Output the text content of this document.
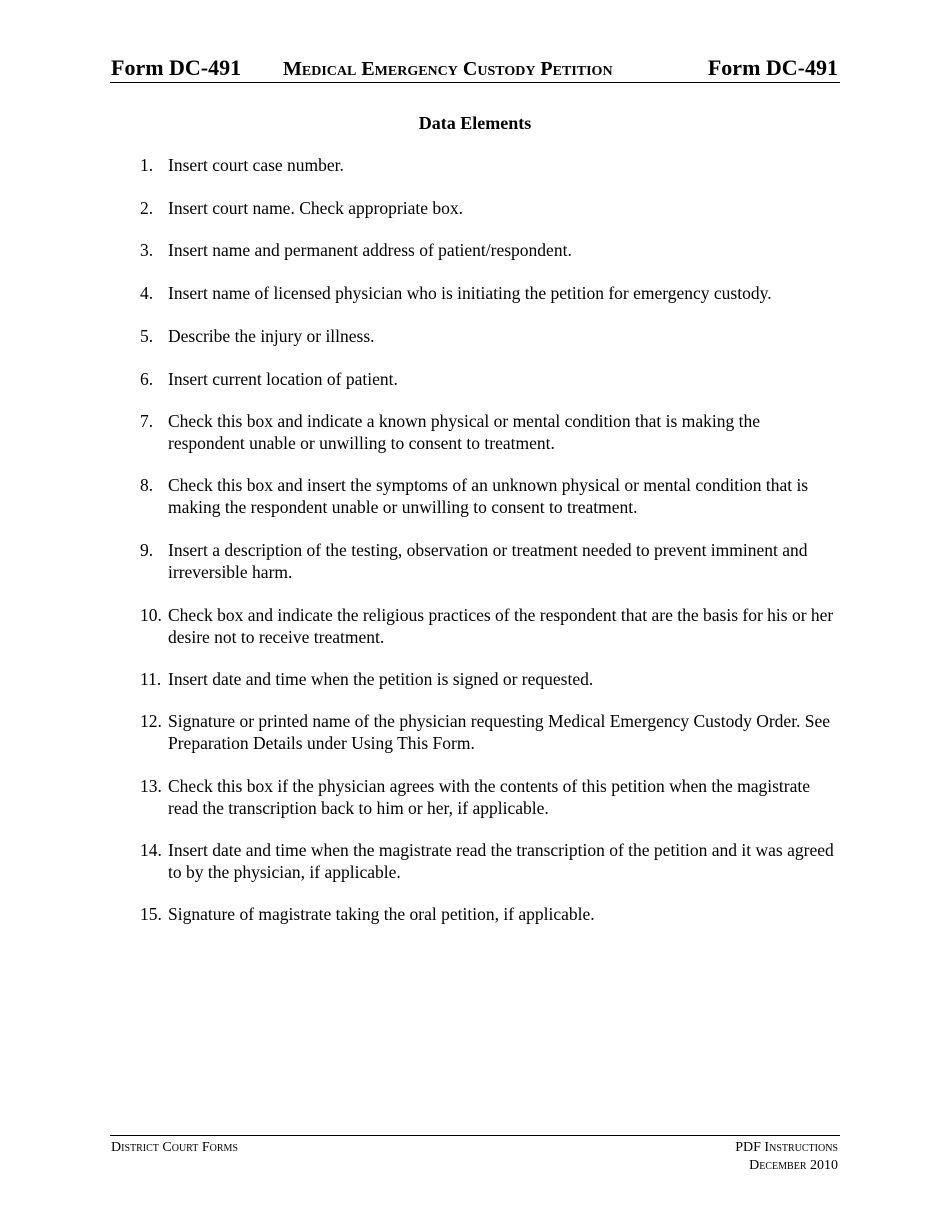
Form DC-491 Medical Emergency Custody Petition	Form DC-491
Data Elements
1. Insert court case number.
2. Insert court name. Check appropriate box.
3. Insert name and permanent address of patient/respondent.
4. Insert name of licensed physician who is initiating the petition for emergency custody.
5. Describe the injury or illness.
6. Insert current location of patient.
7. Check this box and indicate a known physical or mental condition that is making the respondent unable or unwilling to consent to treatment.
8. Check this box and insert the symptoms of an unknown physical or mental condition that is making the respondent unable or unwilling to consent to treatment.
9. Insert a description of the testing, observation or treatment needed to prevent imminent and irreversible harm.
10. Check box and indicate the religious practices of the respondent that are the basis for his or her desire not to receive treatment.
11. Insert date and time when the petition is signed or requested.
12. Signature or printed name of the physician requesting Medical Emergency Custody Order. See Preparation Details under Using This Form.
13. Check this box if the physician agrees with the contents of this petition when the magistrate read the transcription back to him or her, if applicable.
14. Insert date and time when the magistrate read the transcription of the petition and it was agreed to by the physician, if applicable.
15. Signature of magistrate taking the oral petition, if applicable.
District Court Forms	PDF Instructions
December 2010
